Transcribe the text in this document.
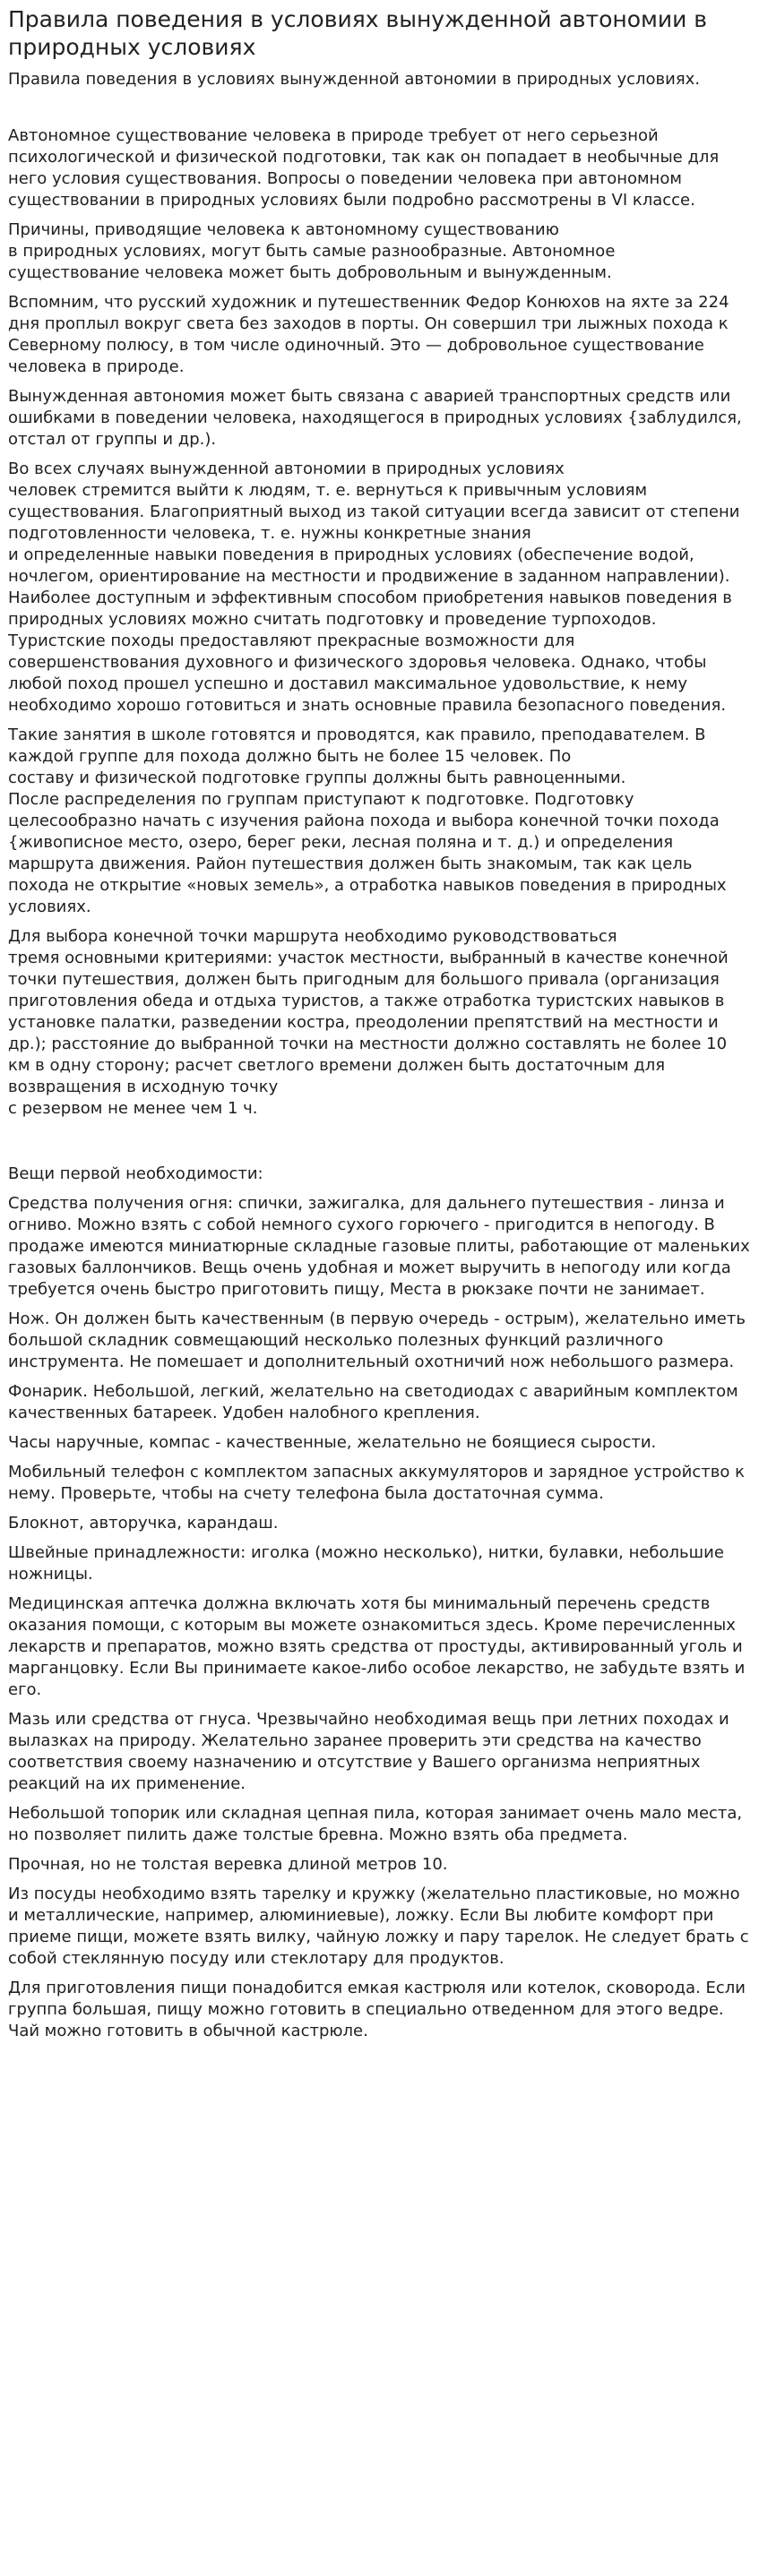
Правила поведения в условиях вынужденной автономии в природных условиях

Правила поведения в условиях вынужденной автономии в природных условиях.

Автономное существование человека в природе требует от него серьезной психологической и физической подготовки, так как он попадает в необычные для него условия существования. Вопросы о поведении человека при автономном существовании в природных условиях были подробно рассмотрены в VI классе.

Причины, приводящие человека к автономному существованию
в природных условиях, могут быть самые разнообразные. Автономное существование человека может быть добровольным и вынужденным.

Вспомним, что русский художник и путешественник Федор Конюхов на яхте за 224 дня проплыл вокруг света без заходов в порты. Он совершил три лыжных похода к Северному полюсу, в том числе одиночный. Это — добровольное существование человека в природе.

Вынужденная автономия может быть связана с аварией транспортных средств или ошибками в поведении человека, находящегося в природных условиях {заблудился, отстал от группы и др.).

Во всех случаях вынужденной автономии в природных условиях
человек стремится выйти к людям, т. е. вернуться к привычным условиям существования. Благоприятный выход из такой ситуации всегда зависит от степени подготовленности человека, т. е. нужны конкретные знания
и определенные навыки поведения в природных условиях (обеспечение водой, ночлегом, ориентирование на местности и продвижение в заданном направлении).
Наиболее доступным и эффективным способом приобретения навыков поведения в природных условиях можно считать подготовку и проведение турпоходов. Туристские походы предоставляют прекрасные возможности для совершенствования духовного и физического здоровья человека. Однако, чтобы любой поход прошел успешно и доставил максимальное удовольствие, к нему необходимо хорошо готовиться и знать основные правила безопасного поведения.

Такие занятия в школе готовятся и проводятся, как правило, преподавателем. В каждой группе для похода должно быть не более 15 человек. По
составу и физической подготовке группы должны быть равноценными.
После распределения по группам приступают к подготовке. Подготовку целесообразно начать с изучения района похода и выбора конечной точки похода {живописное место, озеро, берег реки, лесная поляна и т. д.) и определения маршрута движения. Район путешествия должен быть знакомым, так как цель похода не открытие «новых земель», а отработка навыков поведения в природных условиях.

Для выбора конечной точки маршрута необходимо руководствоваться
тремя основными критериями: участок местности, выбранный в качестве конечной точки путешествия, должен быть пригодным для большого привала (организация приготовления обеда и отдыха туристов, а также отработка туристских навыков в установке палатки, разведении костра, преодолении препятствий на местности и др.); расстояние до выбранной точки на местности должно составлять не более 10 км в одну сторону; расчет светлого времени должен быть достаточным для возвращения в исходную точку
с резервом не менее чем 1 ч.

Вещи первой необходимости:

Средства получения огня: спички, зажигалка, для дальнего путешествия - линза и огниво. Можно взять с собой немного сухого горючего - пригодится в непогоду. В продаже имеются миниатюрные складные газовые плиты, работающие от маленьких газовых баллончиков. Вещь очень удобная и может выручить в непогоду или когда требуется очень быстро приготовить пищу, Места в рюкзаке почти не занимает.

Нож. Он должен быть качественным (в первую очередь - острым), желательно иметь большой складник совмещающий несколько полезных функций различного инструмента. Не помешает и дополнительный охотничий нож небольшого размера.

Фонарик. Небольшой, легкий, желательно на светодиодах с аварийным комплектом качественных батареек. Удобен налобного крепления.

Часы наручные, компас - качественные, желательно не боящиеся сырости.

Мобильный телефон с комплектом запасных аккумуляторов и зарядное устройство к нему. Проверьте, чтобы на счету телефона была достаточная сумма.

Блокнот, авторучка, карандаш.

Швейные принадлежности: иголка (можно несколько), нитки, булавки, небольшие ножницы.

Медицинская аптечка должна включать хотя бы минимальный перечень средств оказания помощи, с которым вы можете ознакомиться здесь. Кроме перечисленных лекарств и препаратов, можно взять средства от простуды, активированный уголь и марганцовку. Если Вы принимаете какое-либо особое лекарство, не забудьте взять и его.

Мазь или средства от гнуса. Чрезвычайно необходимая вещь при летних походах и вылазках на природу. Желательно заранее проверить эти средства на качество соответствия своему назначению и отсутствие у Вашего организма неприятных реакций на их применение.

Небольшой топорик или складная цепная пила, которая занимает очень мало места, но позволяет пилить даже толстые бревна. Можно взять оба предмета.

Прочная, но не толстая веревка длиной метров 10.

Из посуды необходимо взять тарелку и кружку (желательно пластиковые, но можно и металлические, например, алюминиевые), ложку. Если Вы любите комфорт при приеме пищи, можете взять вилку, чайную ложку и пару тарелок. Не следует брать с собой стеклянную посуду или стеклотару для продуктов.

Для приготовления пищи понадобится емкая кастрюля или котелок, сковорода. Если группа большая, пищу можно готовить в специально отведенном для этого ведре. Чай можно готовить в обычной кастрюле.
